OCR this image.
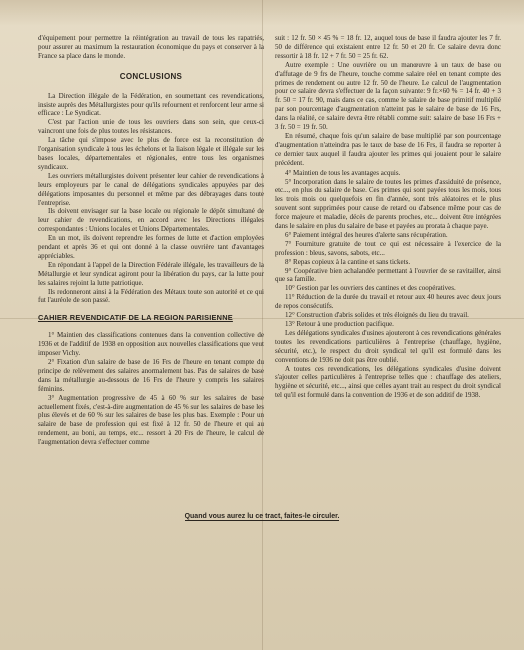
d'équipement pour permettre la réintégration au travail de tous les rapatriés, pour assurer au maximum la restauration économique du pays et conserver à la France sa place dans le monde.

CONCLUSIONS

La Direction illégale de la Fédération, en soumettant ces revendications, insiste auprès des Métallurgistes pour qu'ils refournent et renforcent leur arme si efficace : Le Syndicat.

C'est par l'action unie de tous les ouvriers dans son sein, que ceux-ci vaincront une fois de plus toutes les résistances.

La tâche qui s'impose avec le plus de force est la reconstitution de l'organisation syndicale à tous les échelons et la liaison légale et illégale sur les bases locales, départementales et régionales, entre tous les organismes syndicaux.

Les ouvriers métallurgistes doivent présenter leur cahier de revendications à leurs employeurs par le canal de délégations syndicales appuyées par des délégations imposantes du personnel et même par des débrayages dans toute l'entreprise.

Ils doivent envisager sur la base locale ou régionale le dépôt simultané de leur cahier de revendications, en accord avec les Directions illégales correspondantes : Unions locales et Unions Départementales.

En un mot, ils doivent reprendre les formes de lutte et d'action employées pendant et après 36 et qui ont donné à la classe ouvrière tant d'avantages appréciables.

En répondant à l'appel de la Direction Fédérale illégale, les travailleurs de la Métallurgie et leur syndicat agiront pour la libération du pays, car la lutte pour les salaires rejoint la lutte patriotique.

Ils redonneront ainsi à la Fédération des Métaux toute son autorité et ce qui fut l'auréole de son passé.

CAHIER REVENDICATIF DE LA REGION PARISIENNE

1° Maintien des classifications contenues dans la convention collective de 1936 et de l'additif de 1938 en opposition aux nouvelles classifications que veut imposer Vichy.

2° Fixation d'un salaire de base de 16 Frs de l'heure en tenant compte du principe de relèvement des salaires anormalement bas. Pas de salaires de base dans la métallurgie au-dessous de 16 Frs de l'heure y compris les salaires féminins.

3° Augmentation progressive de 45 à 60 % sur les salaires de base actuellement fixés, c'est-à-dire augmentation de 45 % sur les salaires de base les plus élevés et de 60 % sur les salaires de base les plus bas. Exemple : Pour un salaire de base de profession qui est fixé à 12 fr. 50 de l'heure et qui au rendement, au boni, au temps, etc... ressort à 20 Frs de l'heure, le calcul de l'augmentation devra s'effectuer comme

suit : 12 fr. 50 × 45 % = 18 fr. 12, auquel tous de base il faudra ajouter les 7 fr. 50 de différence qui existaient entre 12 fr. 50 et 20 fr. Ce salaire devra donc ressortir à 18 fr. 12 + 7 fr. 50 = 25 fr. 62.

Autre exemple : Une ouvrière ou un manœuvre à un taux de base ou d'affutage de 9 frs de l'heure, touche comme salaire réel en tenant compte des primes de rendement ou autre 12 fr. 50 de l'heure. Le calcul de l'augmentation pour ce salaire devra s'effectuer de la façon suivante: 9 fr.×60 % = 14 fr. 40 + 3 fr. 50 = 17 fr. 90, mais dans ce cas, comme le salaire de base primitif multiplié par son pourcentage d'augmentation n'atteint pas le salaire de base de 16 Frs, dans la réalité, ce salaire devra être rétabli comme suit: salaire de base 16 Frs + 3 fr. 50 = 19 fr. 50.

En résumé, chaque fois qu'un salaire de base multiplié par son pourcentage d'augmentation n'atteindra pas le taux de base de 16 Frs, il faudra se reporter à ce dernier taux auquel il faudra ajouter les primes qui jouaient pour le salaire précédent.

4° Maintien de tous les avantages acquis.

5° Incorporation dans le salaire de toutes les primes d'assiduité de présence, etc..., en plus du salaire de base. Ces primes qui sont payées tous les mois, tous les trois mois ou quelquefois en fin d'année, sont très aléatoires et le plus souvent sont supprimées pour cause de retard ou d'absence même pour cas de force majeure et maladie, décès de parents proches, etc... doivent être intégrées dans le salaire en plus du salaire de base et payées au prorata à chaque paye.

6° Paiement intégral des heures d'alerte sans récupération.

7° Fourniture gratuite de tout ce qui est nécessaire à l'exercice de la profession : bleus, savons, sabots, etc...

8° Repas copieux à la cantine et sans tickets.

9° Coopérative bien achalandée permettant à l'ouvrier de se ravitailler, ainsi que sa famille.

10° Gestion par les ouvriers des cantines et des coopératives.

11° Réduction de la durée du travail et retour aux 40 heures avec deux jours de repos consécutifs.

12° Construction d'abris solides et très éloignés du lieu du travail.

13° Retour à une production pacifique.

Les délégations syndicales d'usines ajouteront à ces revendications générales toutes les revendications particulières à l'entreprise (chauffage, hygiène, sécurité, etc.), le respect du droit syndical tel qu'il est formulé dans les conventions de 1936 ne doit pas être oublié.

A toutes ces revendications, les délégations syndicales d'usine doivent s'ajouter celles particulières à l'entreprise telles que : chauffage des ateliers, hygiène et sécurité, etc..., ainsi que celles ayant trait au respect du droit syndical tel qu'il est formulé dans la convention de 1936 et de son additif de 1938.

Quand vous aurez lu ce tract, faites-le circuler.
